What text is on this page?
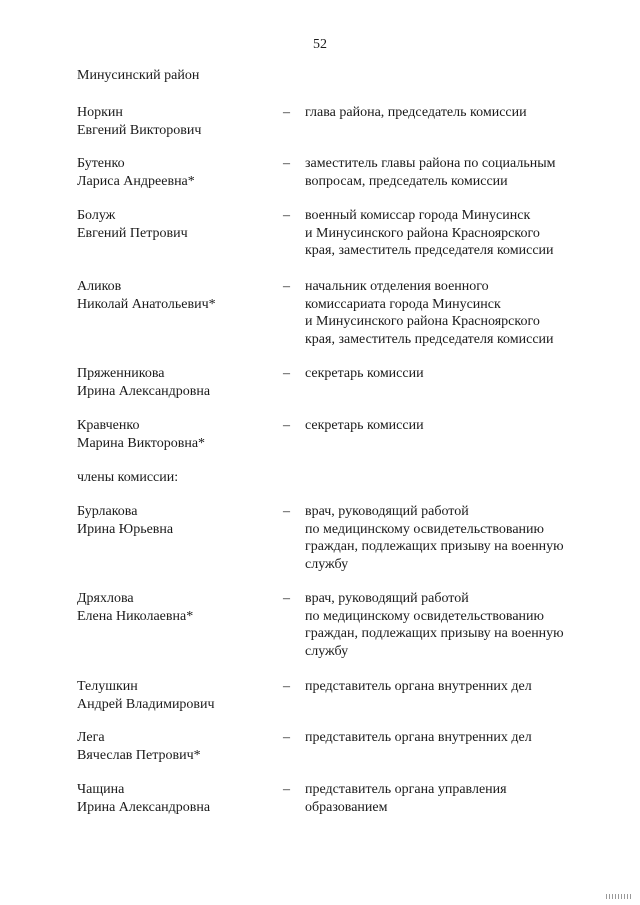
52
Минусинский район
Норкин
Евгений Викторович
– глава района, председатель комиссии
Бутенко
Лариса Андреевна*
– заместитель главы района по социальным
вопросам, председатель комиссии
Болуж
Евгений Петрович
– военный комиссар города Минусинск
и Минусинского района Красноярского
края, заместитель председателя комиссии
Аликов
Николай Анатольевич*
– начальник отделения военного
комиссариата города Минусинск
и Минусинского района Красноярского
края, заместитель председателя комиссии
Пряженникова
Ирина Александровна
– секретарь комиссии
Кравченко
Марина Викторовна*
– секретарь комиссии
Бурлакова
Ирина Юрьевна
– врач, руководящий работой
по медицинскому освидетельствованию
граждан, подлежащих призыву на военную
службу
Дряхлова
Елена Николаевна*
– врач, руководящий работой
по медицинскому освидетельствованию
граждан, подлежащих призыву на военную
службу
Телушкин
Андрей Владимирович
– представитель органа внутренних дел
Лега
Вячеслав Петрович*
– представитель органа внутренних дел
Чащина
Ирина Александровна
– представитель органа управления
образованием
члены комиссии:
